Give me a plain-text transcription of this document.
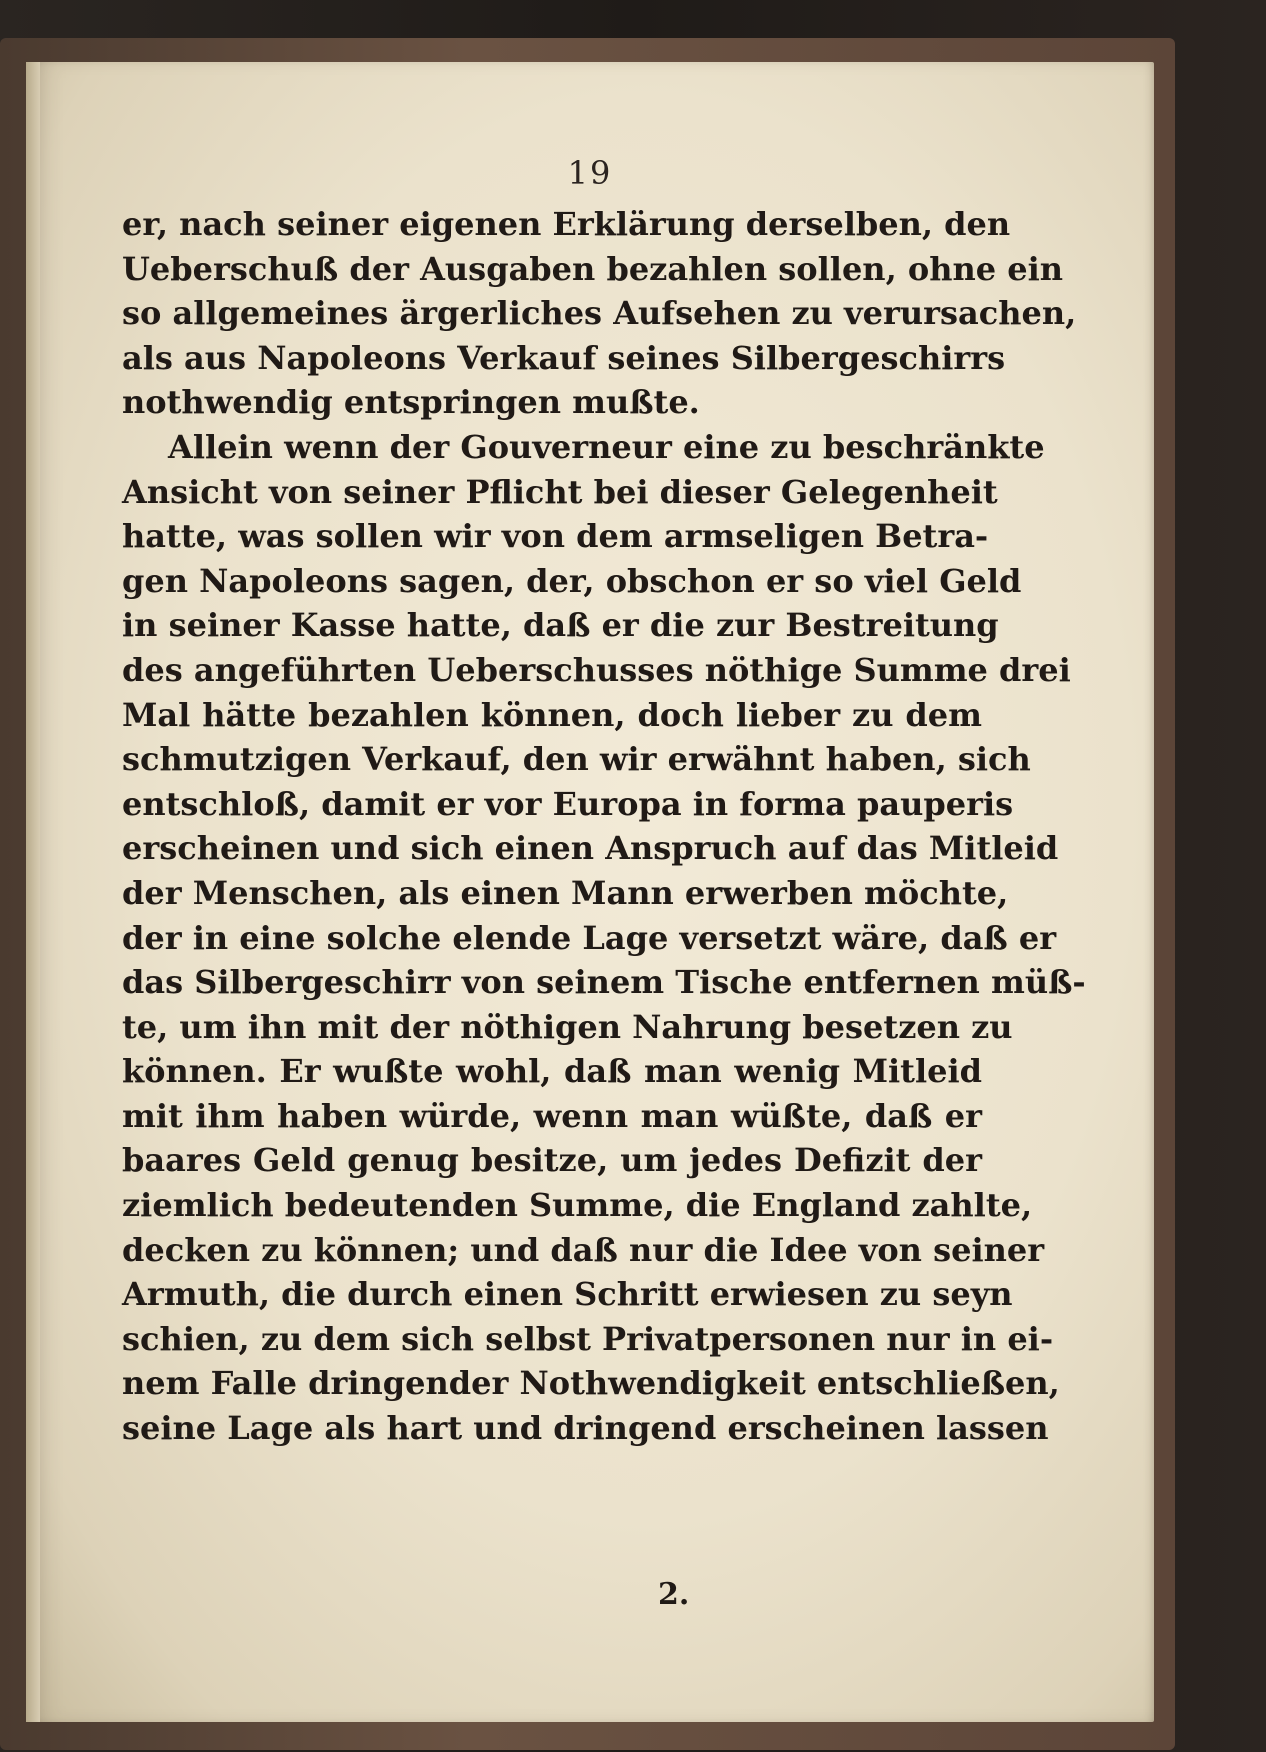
19
er, nach seiner eigenen Erklärung derselben, den
Ueberschuß der Ausgaben bezahlen sollen, ohne ein
so allgemeines ärgerliches Aufsehen zu verursachen,
als aus Napoleons Verkauf seines Silbergeschirrs
nothwendig entspringen mußte.
Allein wenn der Gouverneur eine zu beschränkte
Ansicht von seiner Pflicht bei dieser Gelegenheit
hatte, was sollen wir von dem armseligen Betra-
gen Napoleons sagen, der, obschon er so viel Geld
in seiner Kasse hatte, daß er die zur Bestreitung
des angeführten Ueberschusses nöthige Summe drei
Mal hätte bezahlen können, doch lieber zu dem
schmutzigen Verkauf, den wir erwähnt haben, sich
entschloß, damit er vor Europa in forma pauperis
erscheinen und sich einen Anspruch auf das Mitleid
der Menschen, als einen Mann erwerben möchte,
der in eine solche elende Lage versetzt wäre, daß er
das Silbergeschirr von seinem Tische entfernen müß-
te, um ihn mit der nöthigen Nahrung besetzen zu
können. Er wußte wohl, daß man wenig Mitleid
mit ihm haben würde, wenn man wüßte, daß er
baares Geld genug besitze, um jedes Defizit der
ziemlich bedeutenden Summe, die England zahlte,
decken zu können; und daß nur die Idee von seiner
Armuth, die durch einen Schritt erwiesen zu seyn
schien, zu dem sich selbst Privatpersonen nur in ei-
nem Falle dringender Nothwendigkeit entschließen,
seine Lage als hart und dringend erscheinen lassen
2.
